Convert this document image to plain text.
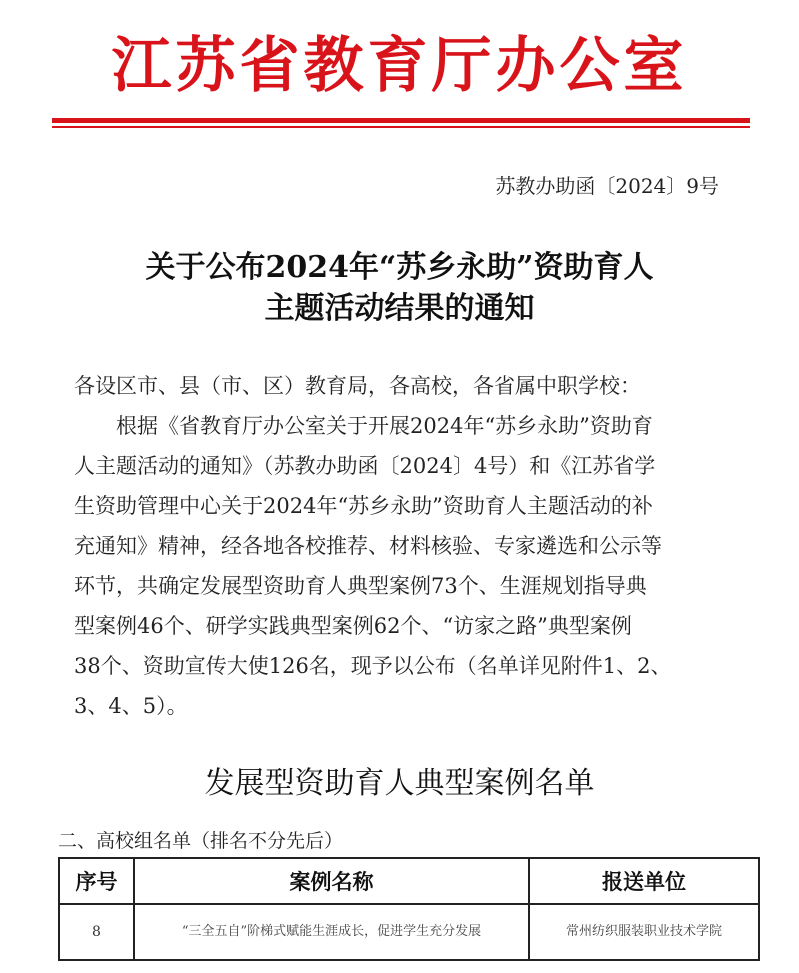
江苏省教育厅办公室
苏教办助函〔2024〕9号
关于公布2024年“苏乡永助”资助育人
主题活动结果的通知
各设区市、县（市、区）教育局，各高校，各省属中职学校：
　　根据《省教育厅办公室关于开展2024年“苏乡永助”资助育
人主题活动的通知》（苏教办助函〔2024〕4号）和《江苏省学
生资助管理中心关于2024年“苏乡永助”资助育人主题活动的补
充通知》精神，经各地各校推荐、材料核验、专家遴选和公示等
环节，共确定发展型资助育人典型案例73个、生涯规划指导典
型案例46个、研学实践典型案例62个、“访家之路”典型案例
38个、资助宣传大使126名，现予以公布（名单详见附件1、2、
3、4、5）。
发展型资助育人典型案例名单
二、高校组名单（排名不分先后）
序号	案例名称	报送单位
8	“三全五自”阶梯式赋能生涯成长，促进学生充分发展	常州纺织服装职业技术学院
